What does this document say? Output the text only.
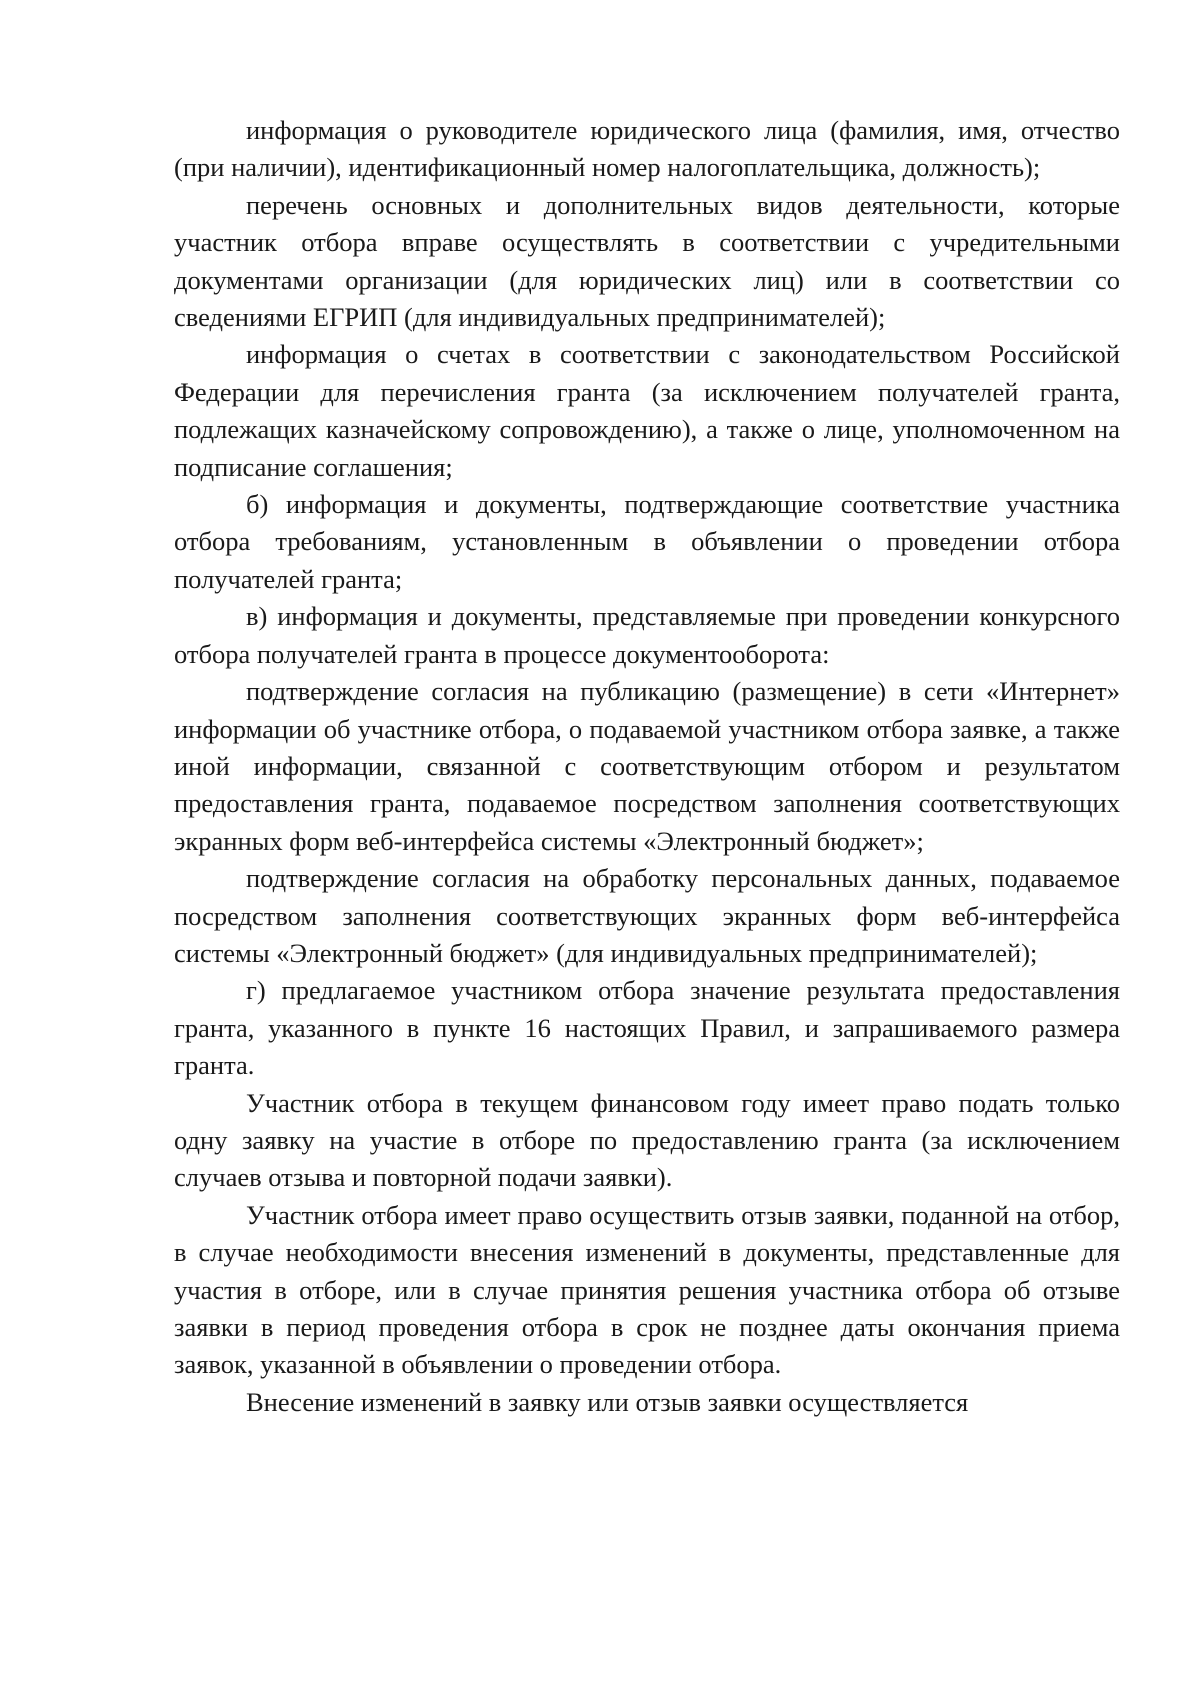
информация о руководителе юридического лица (фамилия, имя, отчество (при наличии), идентификационный номер налогоплательщика, должность);

перечень основных и дополнительных видов деятельности, которые участник отбора вправе осуществлять в соответствии с учредительными документами организации (для юридических лиц) или в соответствии со сведениями ЕГРИП (для индивидуальных предпринимателей);

информация о счетах в соответствии с законодательством Российской Федерации для перечисления гранта (за исключением получателей гранта, подлежащих казначейскому сопровождению), а также о лице, уполномоченном на подписание соглашения;

б) информация и документы, подтверждающие соответствие участника отбора требованиям, установленным в объявлении о проведении отбора получателей гранта;

в) информация и документы, представляемые при проведении конкурсного отбора получателей гранта в процессе документооборота:

подтверждение согласия на публикацию (размещение) в сети «Интернет» информации об участнике отбора, о подаваемой участником отбора заявке, а также иной информации, связанной с соответствующим отбором и результатом предоставления гранта, подаваемое посредством заполнения соответствующих экранных форм веб-интерфейса системы «Электронный бюджет»;

подтверждение согласия на обработку персональных данных, подаваемое посредством заполнения соответствующих экранных форм веб-интерфейса системы «Электронный бюджет» (для индивидуальных предпринимателей);

г) предлагаемое участником отбора значение результата предоставления гранта, указанного в пункте 16 настоящих Правил, и запрашиваемого размера гранта.

Участник отбора в текущем финансовом году имеет право подать только одну заявку на участие в отборе по предоставлению гранта (за исключением случаев отзыва и повторной подачи заявки).

Участник отбора имеет право осуществить отзыв заявки, поданной на отбор, в случае необходимости внесения изменений в документы, представленные для участия в отборе, или в случае принятия решения участника отбора об отзыве заявки в период проведения отбора в срок не позднее даты окончания приема заявок, указанной в объявлении о проведении отбора.

Внесение изменений в заявку или отзыв заявки осуществляется
